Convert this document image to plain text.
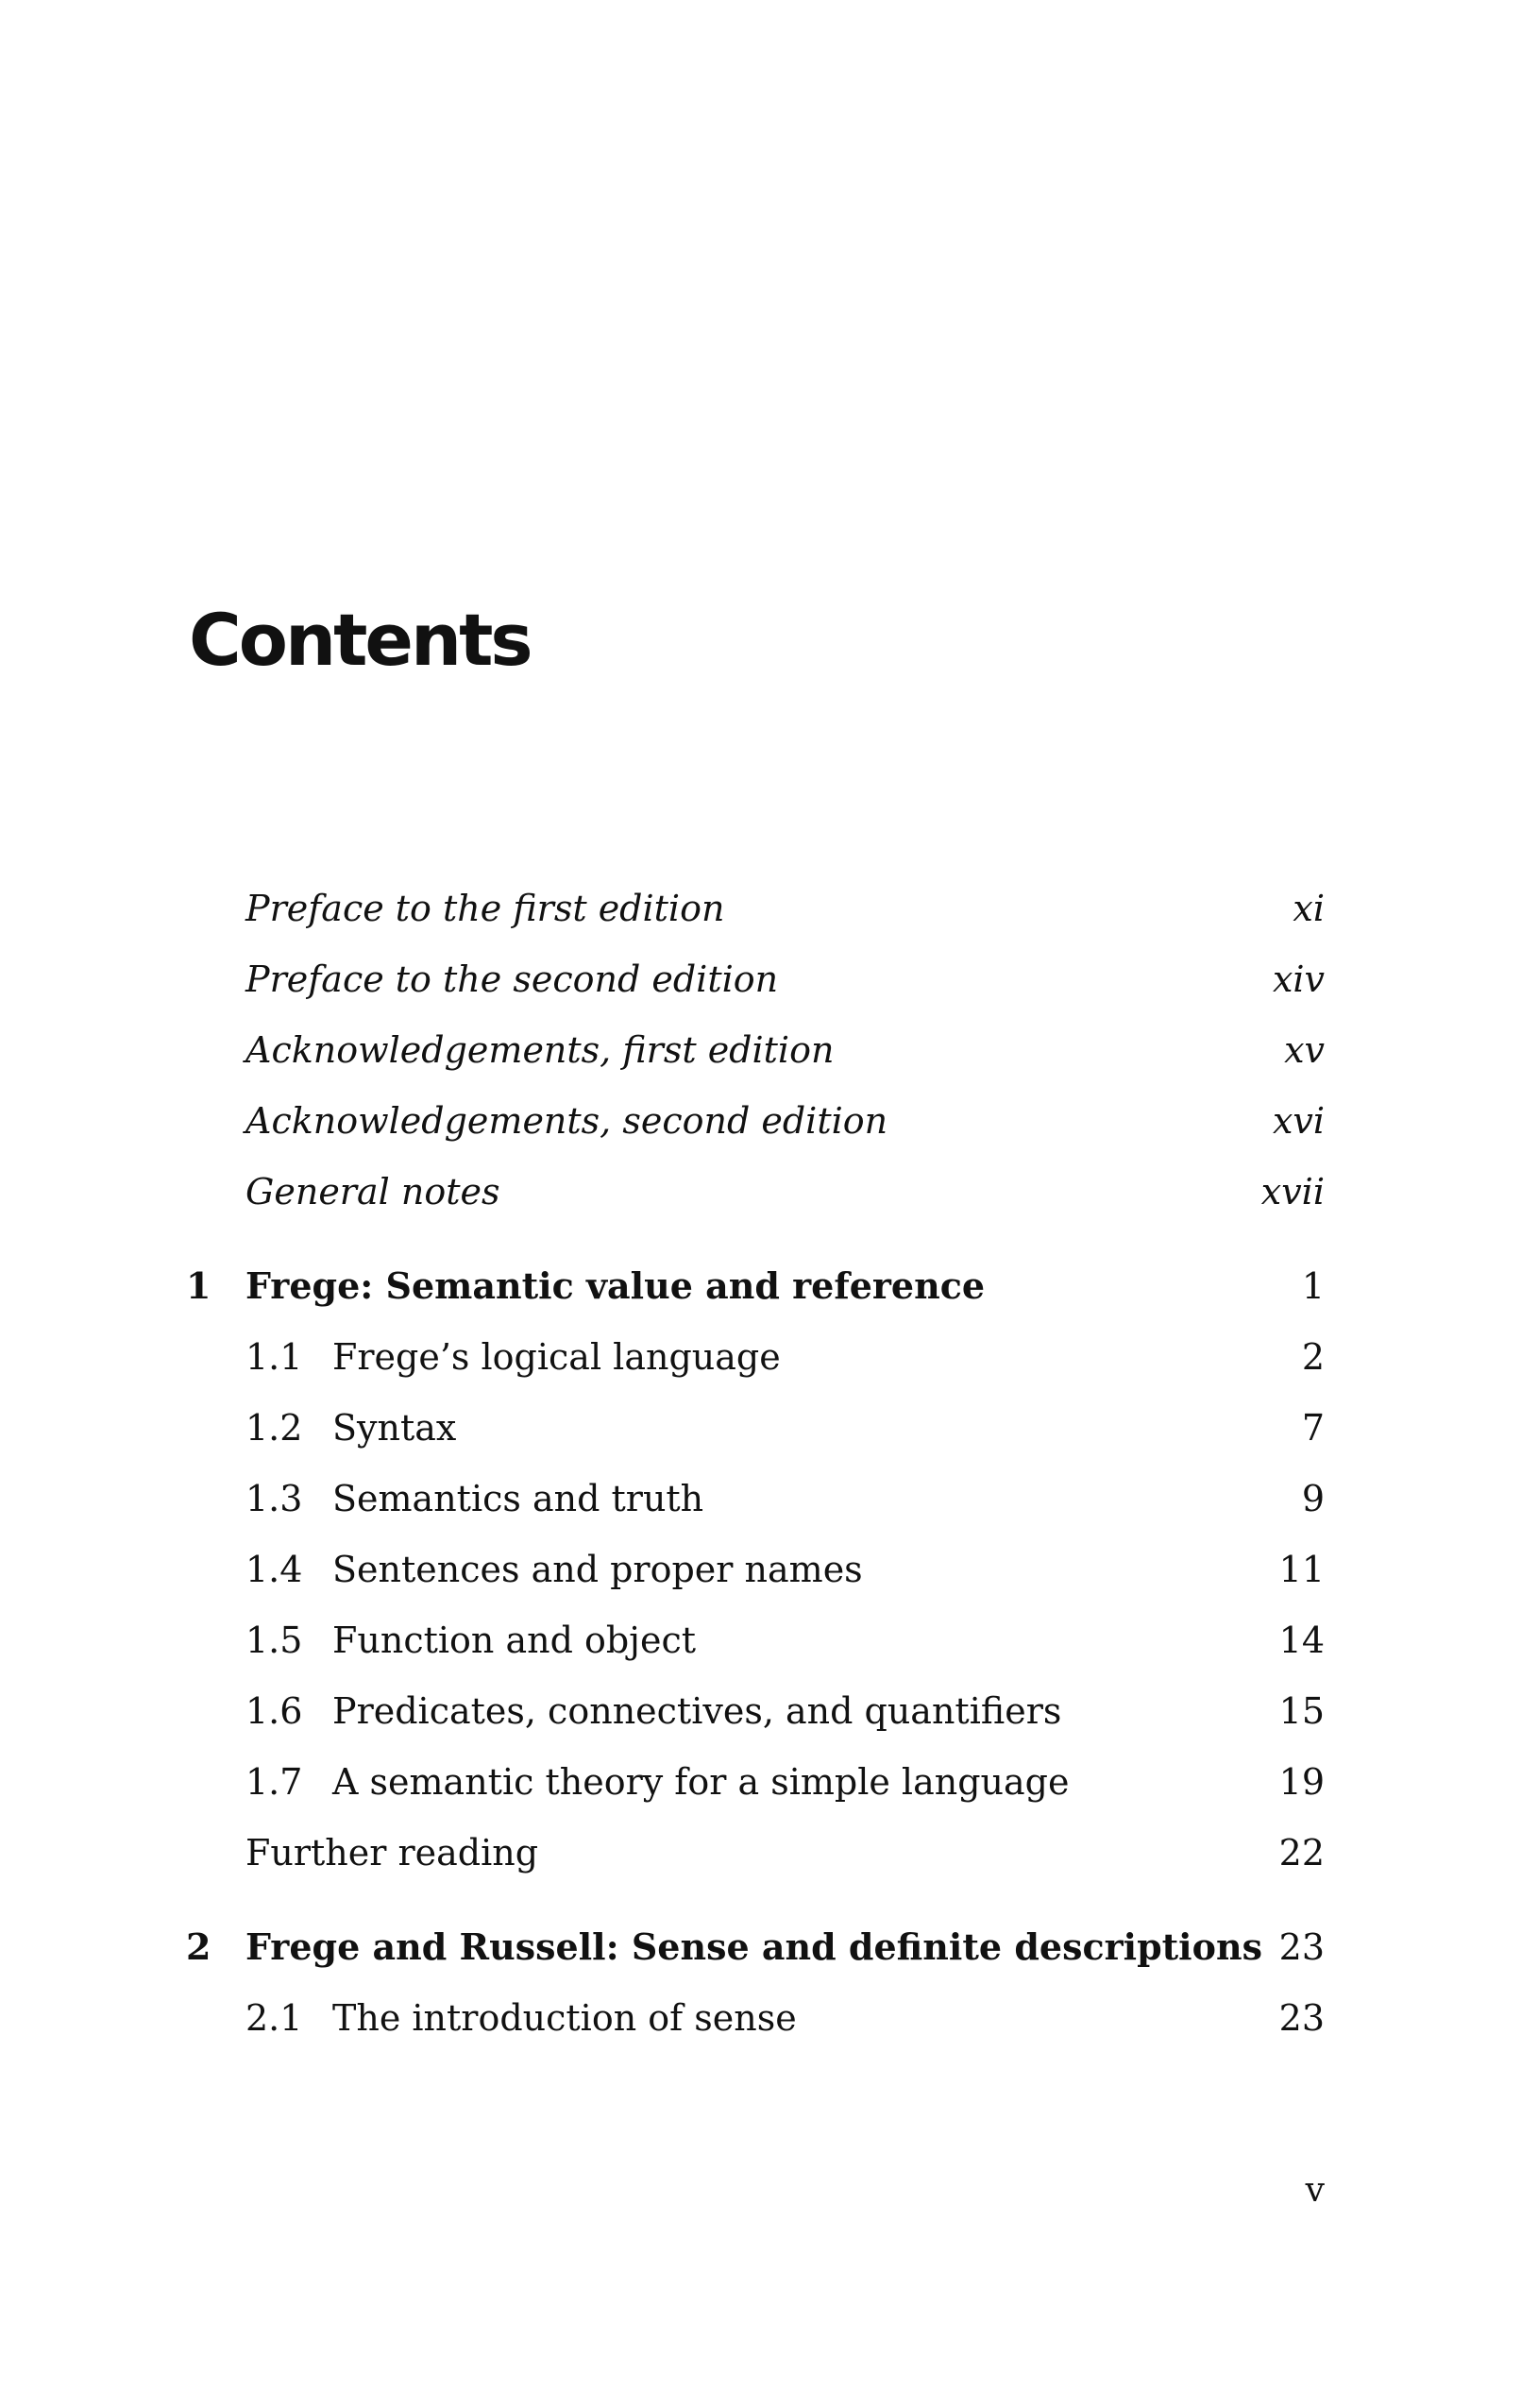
Contents
Preface to the first edition	xi
Preface to the second edition	xiv
Acknowledgements, first edition	xv
Acknowledgements, second edition	xvi
General notes	xvii
1 Frege: Semantic value and reference	1
1.1 Frege’s logical language	2
1.2 Syntax	7
1.3 Semantics and truth	9
1.4 Sentences and proper names	11
1.5 Function and object	14
1.6 Predicates, connectives, and quantifiers	15
1.7 A semantic theory for a simple language	19
Further reading	22
2 Frege and Russell: Sense and definite descriptions 23
2.1 The introduction of sense	23
v
